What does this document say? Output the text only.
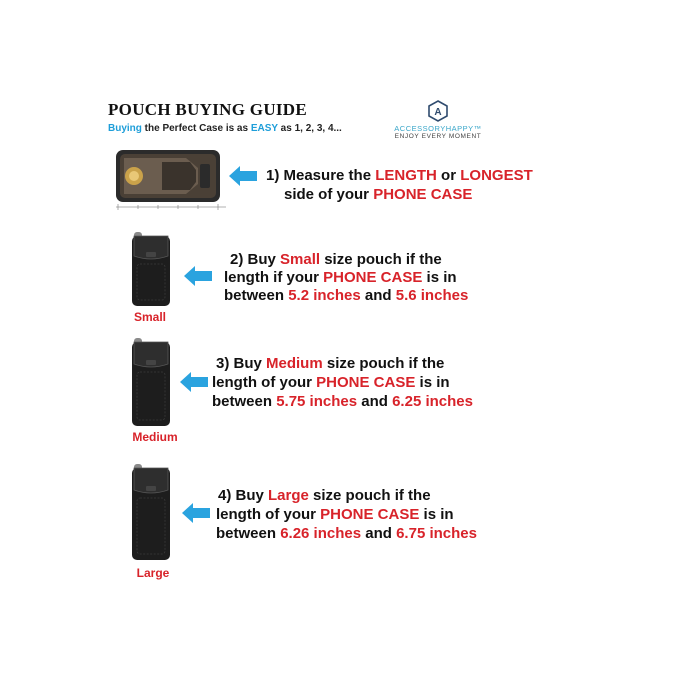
POUCH BUYING GUIDE
Buying the Perfect Case is as EASY as 1, 2, 3, 4...
A
ACCESSORYHAPPY™
ENJOY EVERY MOMENT
1) Measure the LENGTH or LONGEST
side of your PHONE CASE
Small
2) Buy Small size pouch if the
length if your PHONE CASE is in
between 5.2 inches and 5.6 inches
Medium
3) Buy Medium size pouch if the
length of your PHONE CASE is in
between 5.75 inches and 6.25 inches
Large
4) Buy Large size pouch if the
length of your PHONE CASE is in
between 6.26 inches and 6.75 inches
